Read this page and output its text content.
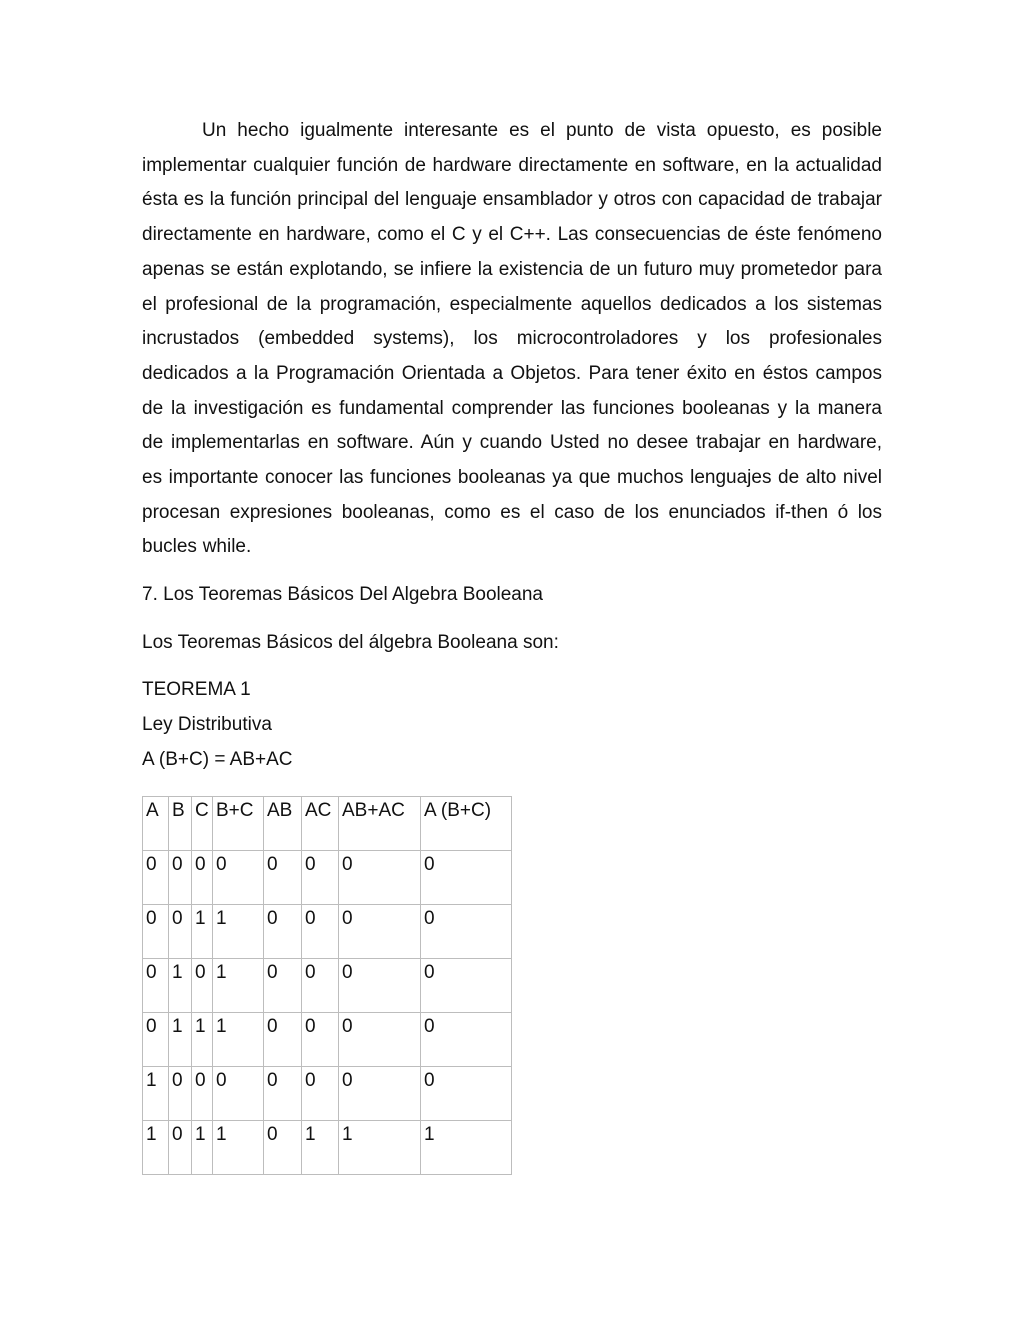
Un hecho igualmente interesante es el punto de vista opuesto, es posible implementar cualquier función de hardware directamente en software, en la actualidad ésta es la función principal del lenguaje ensamblador y otros con capacidad de trabajar directamente en hardware, como el C y el C++. Las consecuencias de éste fenómeno apenas se están explotando, se infiere la existencia de un futuro muy prometedor para el profesional de la programación, especialmente aquellos dedicados a los sistemas incrustados (embedded systems), los microcontroladores y los profesionales dedicados a la Programación Orientada a Objetos. Para tener éxito en éstos campos de la investigación es fundamental comprender las funciones booleanas y la manera de implementarlas en software. Aún y cuando Usted no desee trabajar en hardware, es importante conocer las funciones booleanas ya que muchos lenguajes de alto nivel procesan expresiones booleanas, como es el caso de los enunciados if-then ó los bucles while.

7. Los Teoremas Básicos Del Algebra Booleana

Los Teoremas Básicos del álgebra Booleana son:

TEOREMA 1

Ley Distributiva

A (B+C) = AB+AC

A	B	C	B+C	AB	AC	AB+AC	A (B+C)
0	0	0	0	0	0	0	0
0	0	1	1	0	0	0	0
0	1	0	1	0	0	0	0
0	1	1	1	0	0	0	0
1	0	0	0	0	0	0	0
1	0	1	1	0	1	1	1
